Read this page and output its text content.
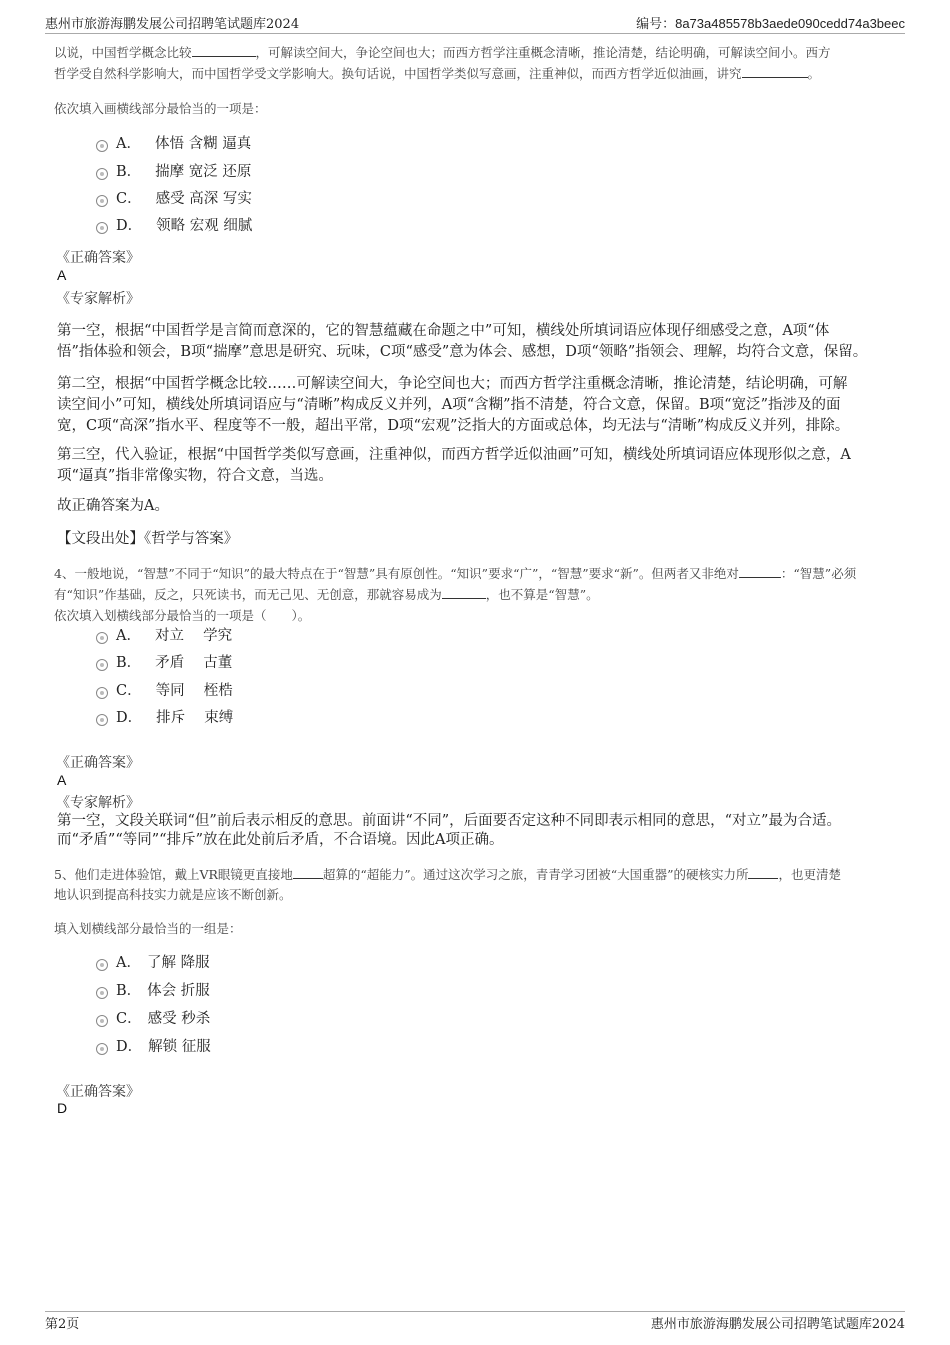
惠州市旅游海鹏发展公司招聘笔试题库2024	编号：8a73a485578b3aede090cedd74a3beec
以说，中国哲学概念比较	，可解读空间大，争论空间也大；而西方哲学注重概念清晰，推论清楚，结论明确，可解读空间小。西方
哲学受自然科学影响大，而中国哲学受文学影响大。换句话说，中国哲学类似写意画，注重神似，而西方哲学近似油画，讲究	。
依次填入画横线部分最恰当的一项是：
A． 体悟 含糊 逼真
B． 揣摩 宽泛 还原
C． 感受 高深 写实
D． 领略 宏观 细腻
《正确答案》
A
《专家解析》
第一空，根据“中国哲学是言简而意深的，它的智慧蕴藏在命题之中”可知，横线处所填词语应体现仔细感受之意，A项“体
悟”指体验和领会，B项“揣摩”意思是研究、玩味，C项“感受”意为体会、感想，D项“领略”指领会、理解，均符合文意，保留。
第二空，根据“中国哲学概念比较……可解读空间大，争论空间也大；而西方哲学注重概念清晰，推论清楚，结论明确，可解
读空间小”可知，横线处所填词语应与“清晰”构成反义并列，A项“含糊”指不清楚，符合文意，保留。B项“宽泛”指涉及的面
宽，C项“高深”指水平、程度等不一般，超出平常，D项“宏观”泛指大的方面或总体，均无法与“清晰”构成反义并列，排除。
第三空，代入验证，根据“中国哲学类似写意画，注重神似，而西方哲学近似油画”可知，横线处所填词语应体现形似之意，A
项“逼真”指非常像实物，符合文意，当选。
故正确答案为A。
【文段出处】《哲学与答案》
4、一般地说，“智慧”不同于“知识”的最大特点在于“智慧”具有原创性。“知识”要求“广”，“智慧”要求“新”。但两者又非绝对	：“智慧”必须
有“知识”作基础，反之，只死读书，而无己见、无创意，那就容易成为	，也不算是“智慧”。
依次填入划横线部分最恰当的一项是（　　）。
A． 对立　 学究
B． 矛盾　 古董
C． 等同　 桎梏
D． 排斥　 束缚
《正确答案》
A
《专家解析》
第一空，文段关联词“但”前后表示相反的意思。前面讲“不同”，后面要否定这种不同即表示相同的意思，“对立”最为合适。
而“矛盾”“等同”“排斥”放在此处前后矛盾，不合语境。因此A项正确。
5、他们走进体验馆，戴上VR眼镜更直接地 超算的“超能力”。通过这次学习之旅，青青学习团被“大国重器”的硬核实力所 ，也更清楚
地认识到提高科技实力就是应该不断创新。
填入划横线部分最恰当的一组是：
A． 了解 降服
B． 体会 折服
C． 感受 秒杀
D． 解锁 征服
《正确答案》
D
第2页	惠州市旅游海鹏发展公司招聘笔试题库2024
